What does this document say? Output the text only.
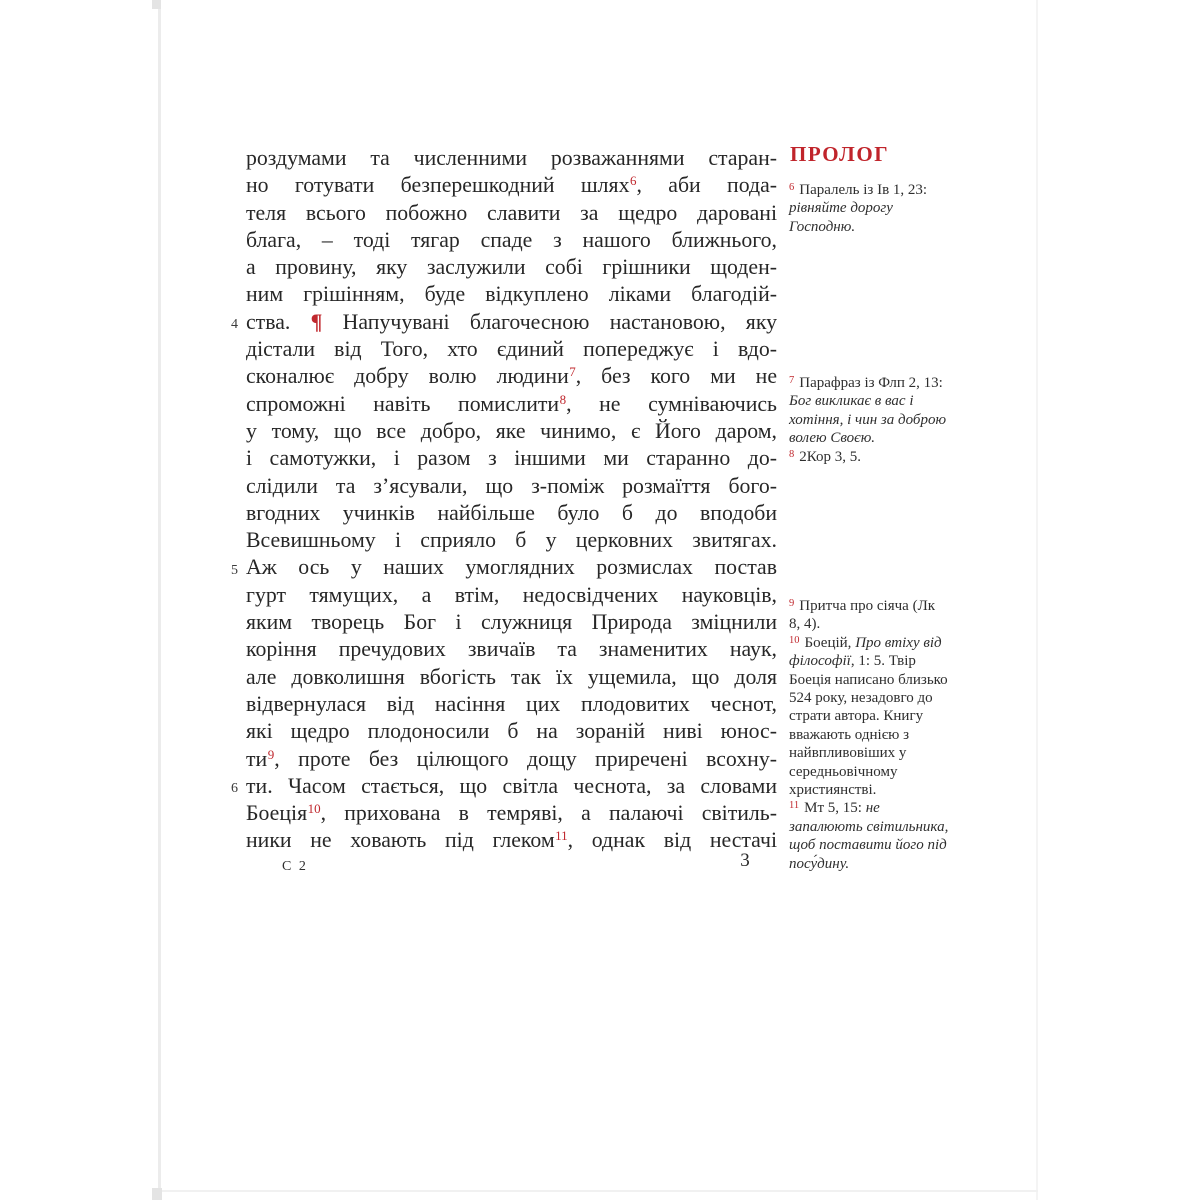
роздумами та численними розважаннями старан-
но готувати безперешкодний шлях$^6$, аби пода-
теля всього побожно славити за щедро даровані
блага, – тоді тягар спаде з нашого ближнього,
а провину, яку заслужили собі грішники щоден-
ним грішінням, буде відкуплено ліками благодій-
ства. ¶ Напучувані благочесною настановою, яку
дістали від Того, хто єдиний попереджує і вдо-
сконалює добру волю людини$^7$, без кого ми не
спроможні навіть помислити$^8$, не сумніваючись
у тому, що все добро, яке чинимо, є Його даром,
і самотужки, і разом з іншими ми старанно до-
слідили та з’ясували, що з-поміж розмаїття бого-
вгодних учинків найбільше було б до вподоби
Всевишньому і сприяло б у церковних звитягах.
Аж ось у наших умоглядних розмислах постав
гурт тямущих, а втім, недосвідчених науковців,
яким творець Бог і служниця Природа зміцнили
коріння пречудових звичаїв та знаменитих наук,
але довколишня вбогість так їх ущемила, що доля
відвернулася від насіння цих плодовитих чеснот,
які щедро плодоносили б на зораній ниві юнос-
ти$^9$, проте без цілющого дощу приречені всохну-
ти. Часом стається, що світла чеснота, за словами
Боеція$^{10}$, прихована в темряві, а палаючі світиль-
ники не ховають під глеком$^{11}$, однак від нестачі
4
5
6
ПРОЛОГ
$^6$ Паралель із Ів 1, 23: рівняйте дорогу Господню.
$^7$ Парафраз із Флп 2, 13: Бог викликає в вас і хотіння, і чин за доброю волею Своєю.
$^8$ 2Кор 3, 5.
$^9$ Притча про сіяча (Лк 8, 4).
$^{10}$ Боецій, Про втіху від філософії, 1: 5. Твір Боеція написано близько 524 року, незадовго до страти автора. Книгу вважають однією з найвпливовіших у середньовічному християнстві.
$^{11}$ Мт 5, 15: не запалюють світильника, щоб поставити його під посу́дину.
С 2	3
